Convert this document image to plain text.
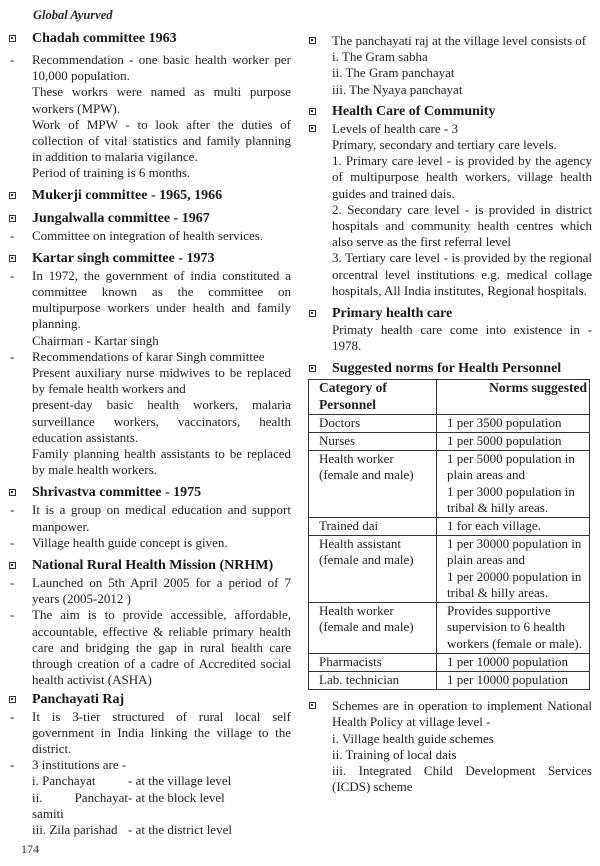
Global Ayurved
Chadah committee 1963
- Recommendation - one basic health worker per 10,000 population.
These workrs were named as multi purpose workers (MPW).
Work of MPW - to look after the duties of collection of vital statistics and family planning in addition to malaria vigilance.
Period of training is 6 months.
Mukerji committee - 1965, 1966
Jungalwalla committee - 1967
- Committee on integration of health services.
Kartar singh committee - 1973
- In 1972, the government of india constituted a committee known as the committee on multipurpose workers under health and family planning.
Chairman - Kartar singh
- Recommendations of karar Singh committee
Present auxiliary nurse midwives to be replaced by female health workers and
present-day basic health workers, malaria surveillance workers, vaccinators, health education assistants.
Family planning health assistants to be replaced by male health workers.
Shrivastva committee - 1975
- It is a group on medical education and support manpower.
- Village health guide concept is given.
National Rural Health Mission (NRHM)
- Launched on 5th April 2005 for a period of 7 years (2005-2012 )
- The aim is to provide accessible, affordable, accountable, effective & reliable primary health care and bridging the gap in rural health care through creation of a cadre of Accredited social health activist (ASHA)
Panchayati Raj
- It is 3-tier structured of rural local self government in India linking the village to the district.
- 3 institutions are -
i. Panchayat	- at the village level
ii. Panchayat samiti
- at the block level
iii. Zila parishad - at the district level
The panchayati raj at the village level consists of
i. The Gram sabha
ii. The Gram panchayat
iii. The Nyaya panchayat
Health Care of Community
Levels of health care - 3
Primary, secondary and tertiary care levels.
1. Primary care level - is provided by the agency of multipurpose health workers, village health guides and trained dais.
2. Secondary care level - is provided in district hospitals and community health centres which also serve as the first referral level
3. Tertiary care level - is provided by the regional orcentral level institutions e.g. medical collage hospitals, All India institutes, Regional hospitals.
Primary health care
Primaty health care come into existence in - 1978.
Suggested norms for Health Personnel
Category of Personnel	Norms suggested
Doctors	1 per 3500 population

Nurses	1 per 5000 population

Health worker (female and male)	1 per 5000 population in plain areas and
1 per 3000 population in tribal & hilly areas.

Trained dai	1 for each village.

Health assistant (female and male)	1 per 30000 population in plain areas and
1 per 20000 population in tribal & hilly areas.

Health worker (female and male)	Provides supportive supervision to 6 health workers (female or male).

Pharmacists	1 per 10000 population

Lab. technician	1 per 10000 population
Schemes are in operation to implement National Health Policy at village level -
i. Village health guide schemes
ii. Training of local dais
iii. Integrated Child Development Services (ICDS) scheme
174
